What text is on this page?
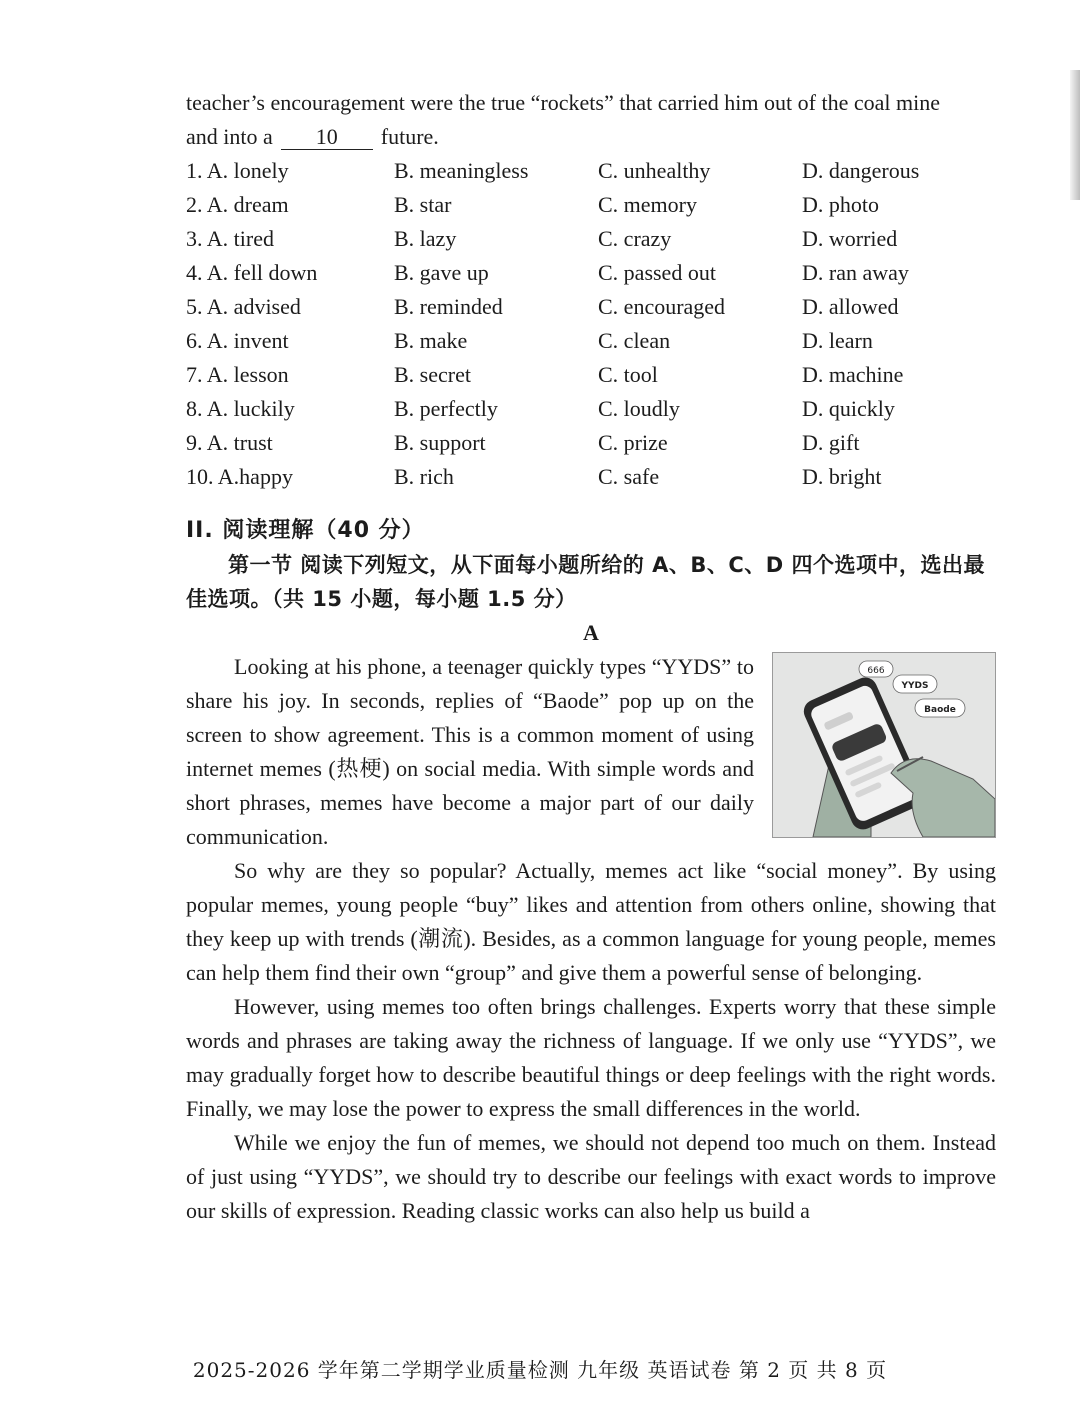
teacher’s encouragement were the true “rockets” that carried him out of the coal mine

and into a 10 future.

1. A. lonely	B. meaningless	C. unhealthy	D. dangerous
2. A. dream	B. star	C. memory	D. photo
3. A. tired	B. lazy	C. crazy	D. worried
4. A. fell down	B. gave up	C. passed out	D. ran away
5. A. advised	B. reminded	C. encouraged	D. allowed
6. A. invent	B. make	C. clean	D. learn
7. A. lesson	B. secret	C. tool	D. machine
8. A. luckily	B. perfectly	C. loudly	D. quickly
9. A. trust	B. support	C. prize	D. gift
10. A.happy	B. rich	C. safe	D. bright
II. 阅读理解（40 分）

第一节 阅读下列短文，从下面每小题所给的 A、B、C、D 四个选项中，选出最佳选项。（共 15 小题，每小题 1.5 分）

A

666
YYDS
Baode

Looking at his phone, a teenager quickly types “YYDS” to share his joy. In seconds, replies of “Baode” pop up on the screen to show agreement. This is a common moment of using internet memes (热梗) on social media. With simple words and short phrases, memes have become a major part of our daily communication.

So why are they so popular? Actually, memes act like “social money”. By using popular memes, young people “buy” likes and attention from others online, showing that they keep up with trends (潮流). Besides, as a common language for young people, memes can help them find their own “group” and give them a powerful sense of belonging.

However, using memes too often brings challenges. Experts worry that these simple words and phrases are taking away the richness of language. If we only use “YYDS”, we may gradually forget how to describe beautiful things or deep feelings with the right words. Finally, we may lose the power to express the small differences in the world.

While we enjoy the fun of memes, we should not depend too much on them. Instead of just using “YYDS”, we should try to describe our feelings with exact words to improve our skills of expression. Reading classic works can also help us build a

2025-2026 学年第二学期学业质量检测 九年级 英语试卷 第 2 页 共 8 页
